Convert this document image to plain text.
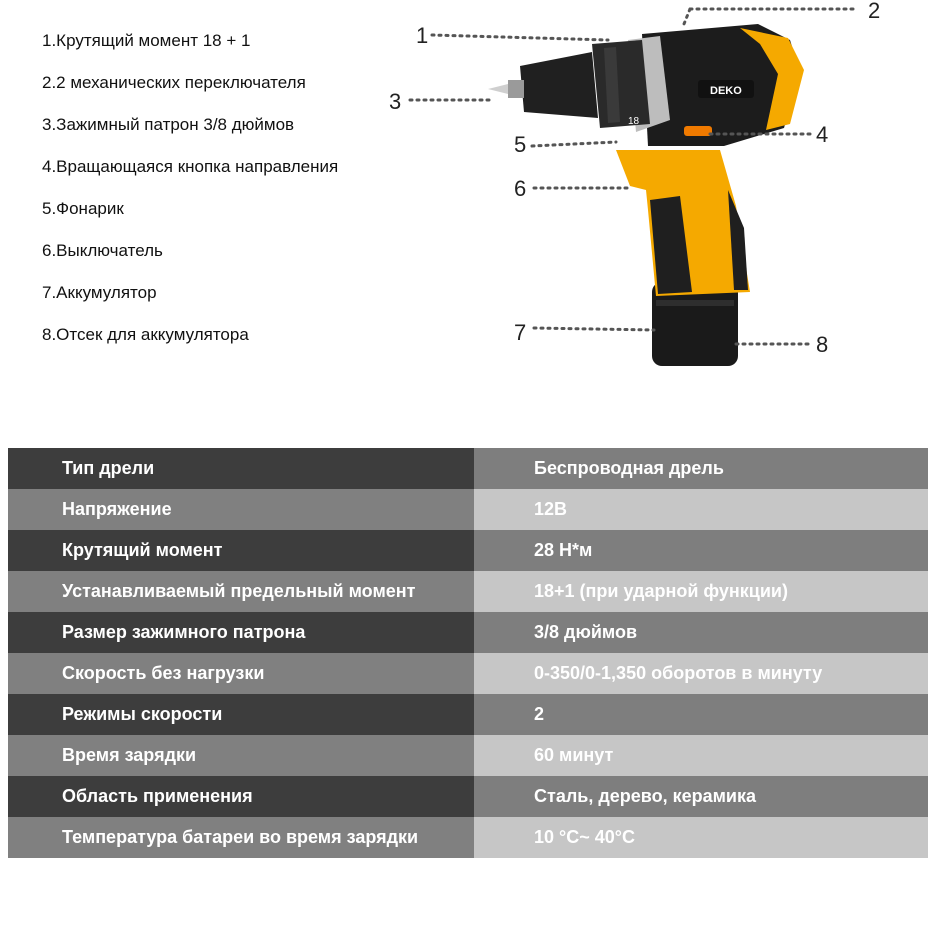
1.Крутящий момент 18 + 1
2.2 механических переключателя
3.Зажимный патрон 3/8 дюймов
4.Вращающаяся кнопка направления
5.Фонарик
6.Выключатель
7.Аккумулятор
8.Отсек для аккумулятора
DEKO
18
1
2
3
4
5
6
7	8
Тип дрели	Беспроводная дрель
Напряжение	12В
Крутящий момент	28 Н*м
Устанавливаемый предельный момент	18+1 (при ударной функции)
Размер зажимного патрона	3/8 дюймов
Скорость без нагрузки	0-350/0-1,350 оборотов в минуту
Режимы скорости	2
Время зарядки	60 минут
Область применения	Сталь, дерево, керамика
Температура батареи во время зарядки	10 °С~ 40°С
